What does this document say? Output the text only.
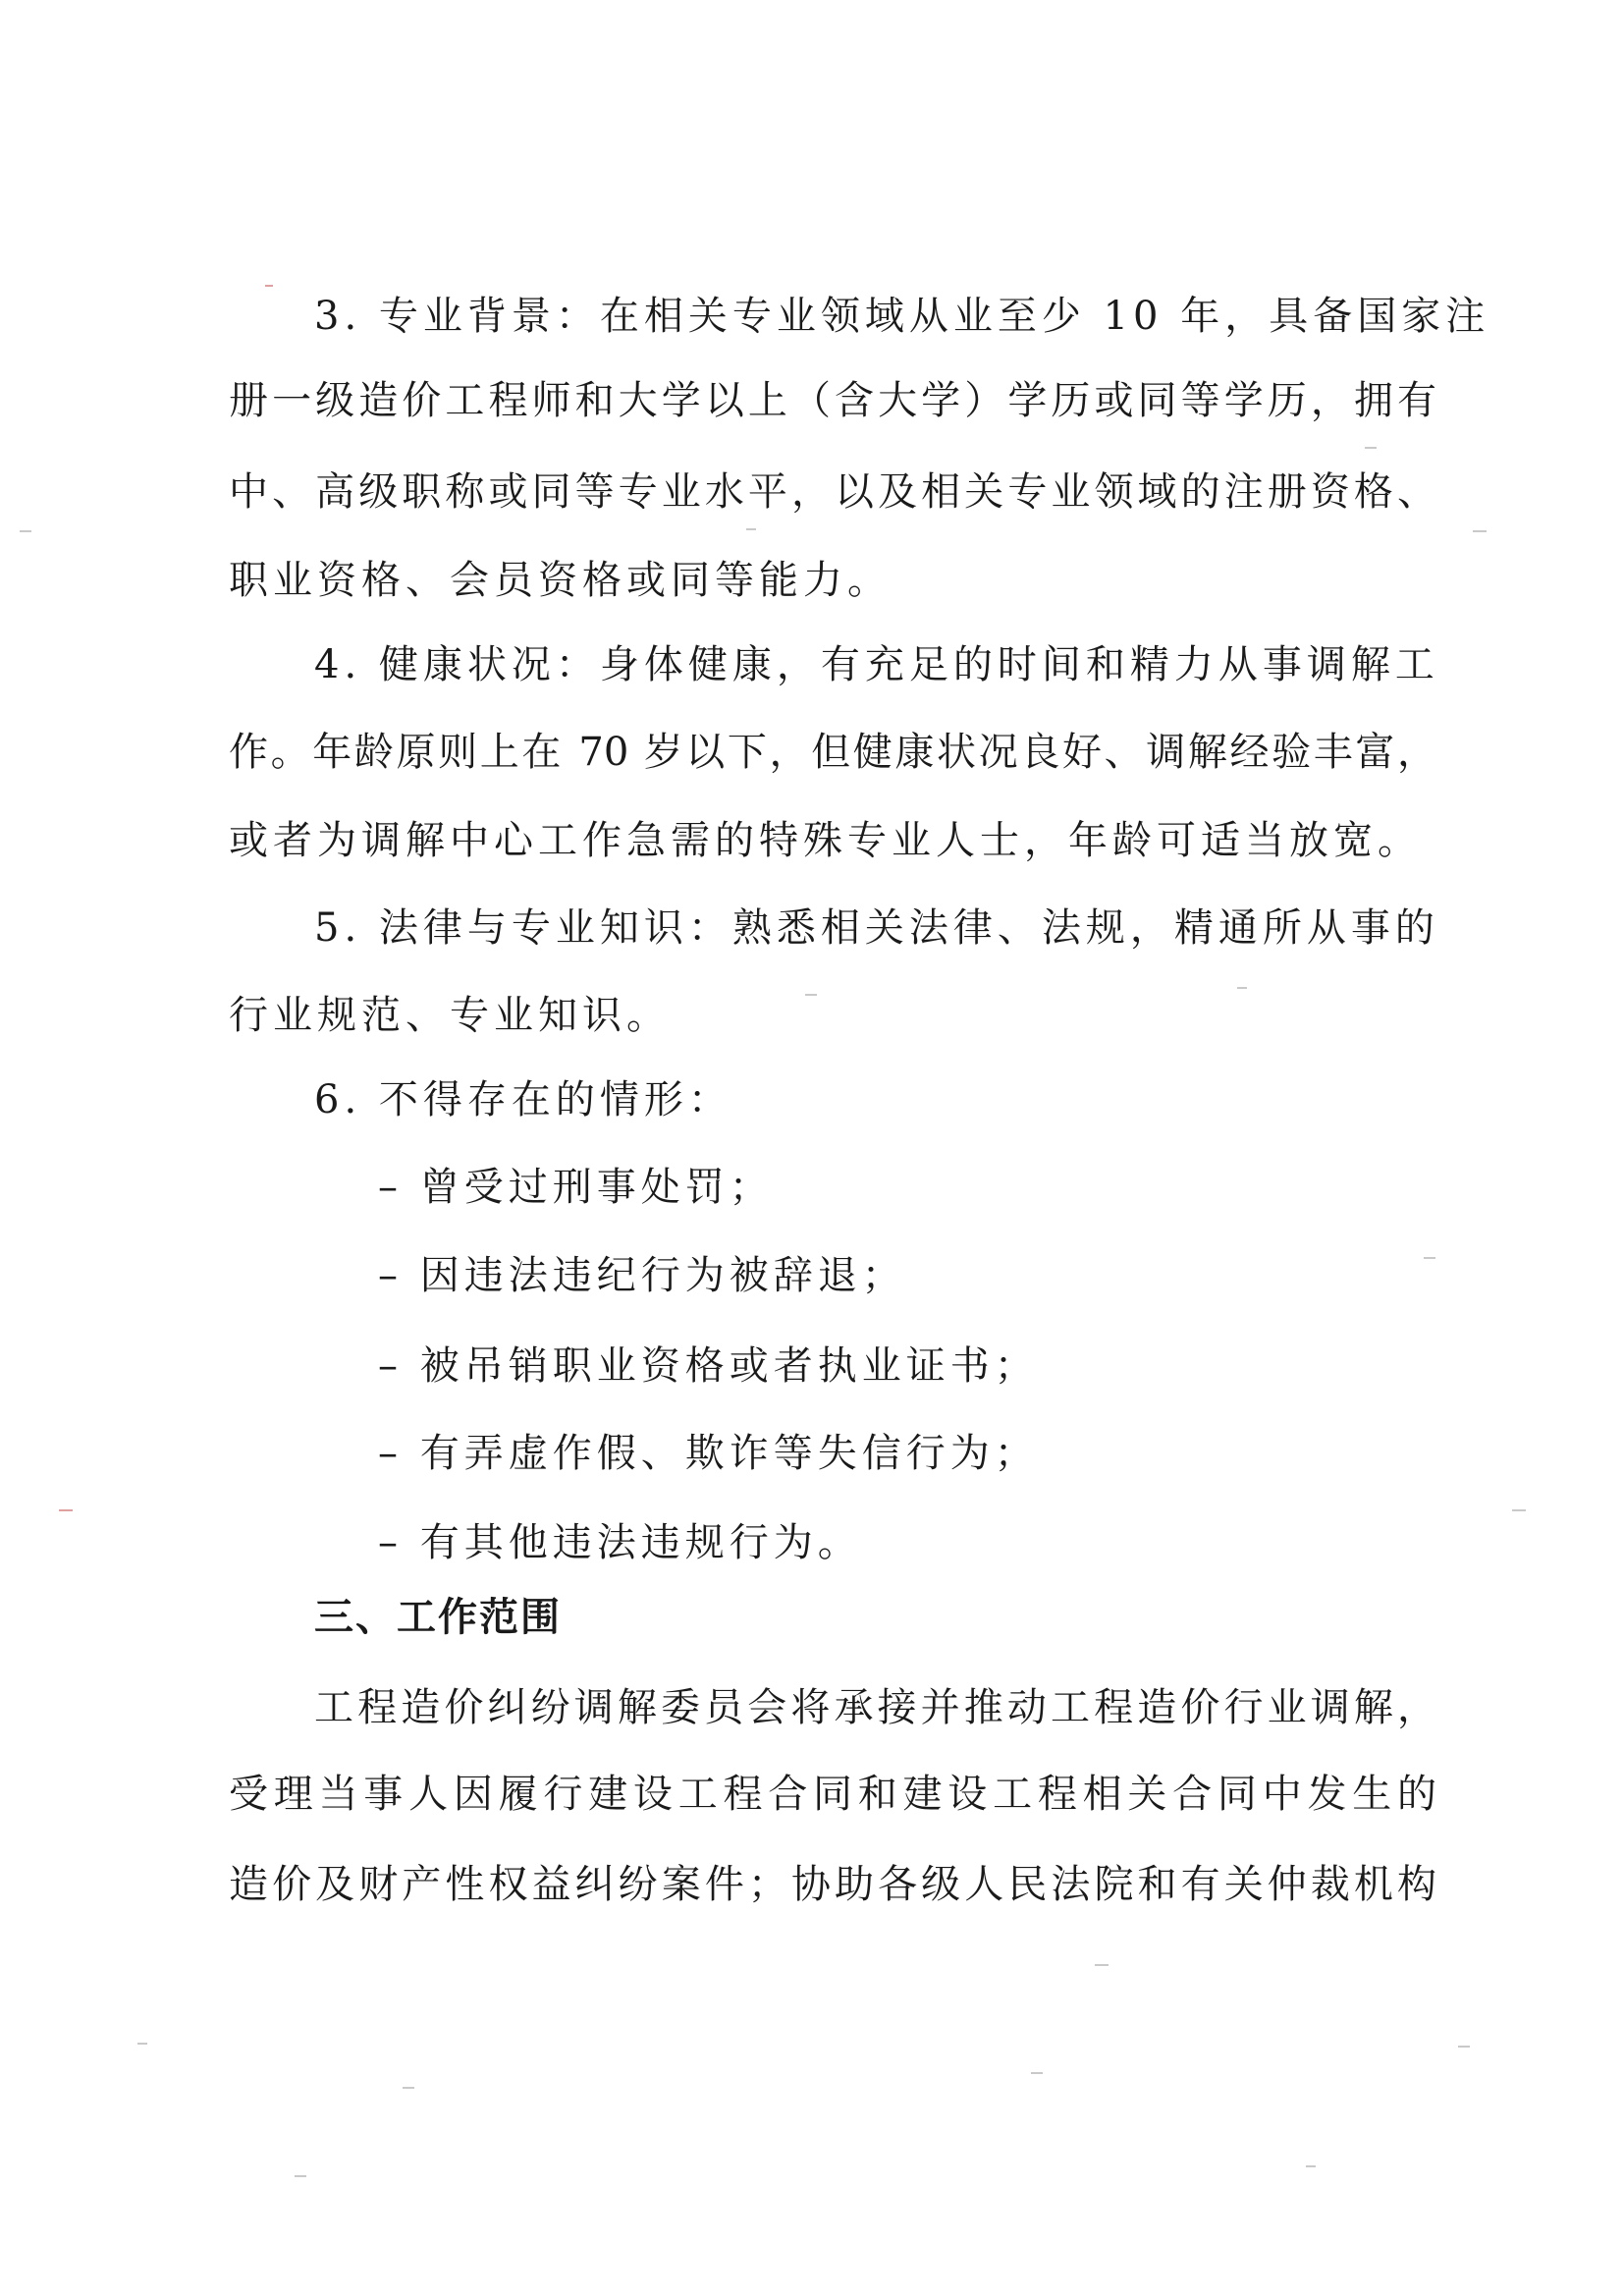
3. 专业背景：在相关专业领域从业至少 10 年，具备国家注
册一级造价工程师和大学以上（含大学）学历或同等学历，拥有
中、高级职称或同等专业水平，以及相关专业领域的注册资格、
职业资格、会员资格或同等能力。
4. 健康状况：身体健康，有充足的时间和精力从事调解工
作。年龄原则上在 70 岁以下，但健康状况良好、调解经验丰富，
或者为调解中心工作急需的特殊专业人士，年龄可适当放宽。
5. 法律与专业知识：熟悉相关法律、法规，精通所从事的
行业规范、专业知识。
6. 不得存在的情形：
– 曾受过刑事处罚；
– 因违法违纪行为被辞退；
– 被吊销职业资格或者执业证书；
– 有弄虚作假、欺诈等失信行为；
– 有其他违法违规行为。
三、工作范围
工程造价纠纷调解委员会将承接并推动工程造价行业调解，
受理当事人因履行建设工程合同和建设工程相关合同中发生的
造价及财产性权益纠纷案件；协助各级人民法院和有关仲裁机构
